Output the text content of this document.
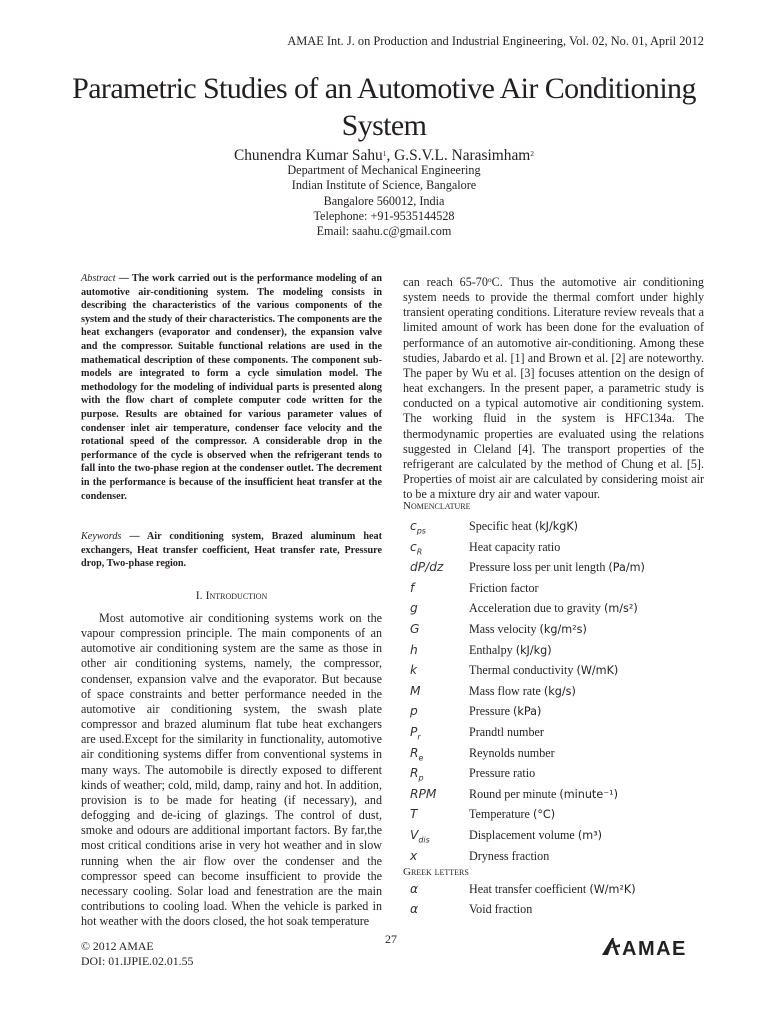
AMAE Int. J. on Production and Industrial Engineering, Vol. 02, No. 01, April 2012
Parametric Studies of an Automotive Air Conditioning System
Chunendra Kumar Sahu$^1$, G.S.V.L. Narasimham$^2$
Department of Mechanical Engineering
Indian Institute of Science, Bangalore
Bangalore 560012, India
Telephone: +91-9535144528
Email: saahu.c@gmail.com
Abstract — The work carried out is the performance modeling of an automotive air-conditioning system. The modeling consists in describing the characteristics of the various components of the system and the study of their characteristics. The components are the heat exchangers (evaporator and condenser), the expansion valve and the compressor. Suitable functional relations are used in the mathematical description of these components. The component sub-models are integrated to form a cycle simulation model. The methodology for the modeling of individual parts is presented along with the flow chart of complete computer code written for the purpose. Results are obtained for various parameter values of condenser inlet air temperature, condenser face velocity and the rotational speed of the compressor. A considerable drop in the performance of the cycle is observed when the refrigerant tends to fall into the two-phase region at the condenser outlet. The decrement in the performance is because of the insufficient heat transfer at the condenser.
Keywords — Air conditioning system, Brazed aluminum heat exchangers, Heat transfer coefficient, Heat transfer rate, Pressure drop, Two-phase region.
I. Introduction
Most automotive air conditioning systems work on the vapour compression principle. The main components of an automotive air conditioning system are the same as those in other air conditioning systems, namely, the compressor, condenser, expansion valve and the evaporator. But because of space constraints and better performance needed in the automotive air conditioning system, the swash plate compressor and brazed aluminum flat tube heat exchangers are used.Except for the similarity in functionality, automotive air conditioning systems differ from conventional systems in many ways. The automobile is directly exposed to different kinds of weather; cold, mild, damp, rainy and hot. In addition, provision is to be made for heating (if necessary), and defogging and de-icing of glazings. The control of dust, smoke and odours are additional important factors. By far,the most critical conditions arise in very hot weather and in slow running when the air flow over the condenser and the compressor speed can become insufficient to provide the necessary cooling. Solar load and fenestration are the main contributions to cooling load. When the vehicle is parked in hot weather with the doors closed, the hot soak temperature
can reach 65-70$^o$C. Thus the automotive air conditioning system needs to provide the thermal comfort under highly transient operating conditions. Literature review reveals that a limited amount of work has been done for the evaluation of performance of an automotive air-conditioning. Among these studies, Jabardo et al. [1] and Brown et al. [2] are noteworthy. The paper by Wu et al. [3] focuses attention on the design of heat exchangers. In the present paper, a parametric study is conducted on a typical automotive air conditioning system. The working fluid in the system is HFC134a. The thermodynamic properties are evaluated using the relations suggested in Cleland [4]. The transport properties of the refrigerant are calculated by the method of Chung et al. [5]. Properties of moist air are calculated by considering moist air to be a mixture dry air and water vapour.
Nomenclature
$c_{ps}$	Specific heat (kJ/kgK)
$c_R$	Heat capacity ratio
dP/dz Pressure loss per unit length (Pa/m)
f	Friction factor
g	Acceleration due to gravity (m/s²)
G	Mass velocity (kg/m²s)
h	Enthalpy (kJ/kg)
k	Thermal conductivity (W/mK)
M	Mass flow rate (kg/s)
p	Pressure (kPa)
$P_r$	Prandtl number
$R_e$	Reynolds number
$R_p$	Pressure ratio
RPM	Round per minute (minute⁻¹)
T	Temperature (°C)
$V_{dis}$	Displacement volume (m³)
x	Dryness fraction
Greek letters
α	Heat transfer coefficient (W/m²K)
α	Void fraction
27
© 2012 AMAE
DOI: 01.IJPIE.02.01.55
AMAE
